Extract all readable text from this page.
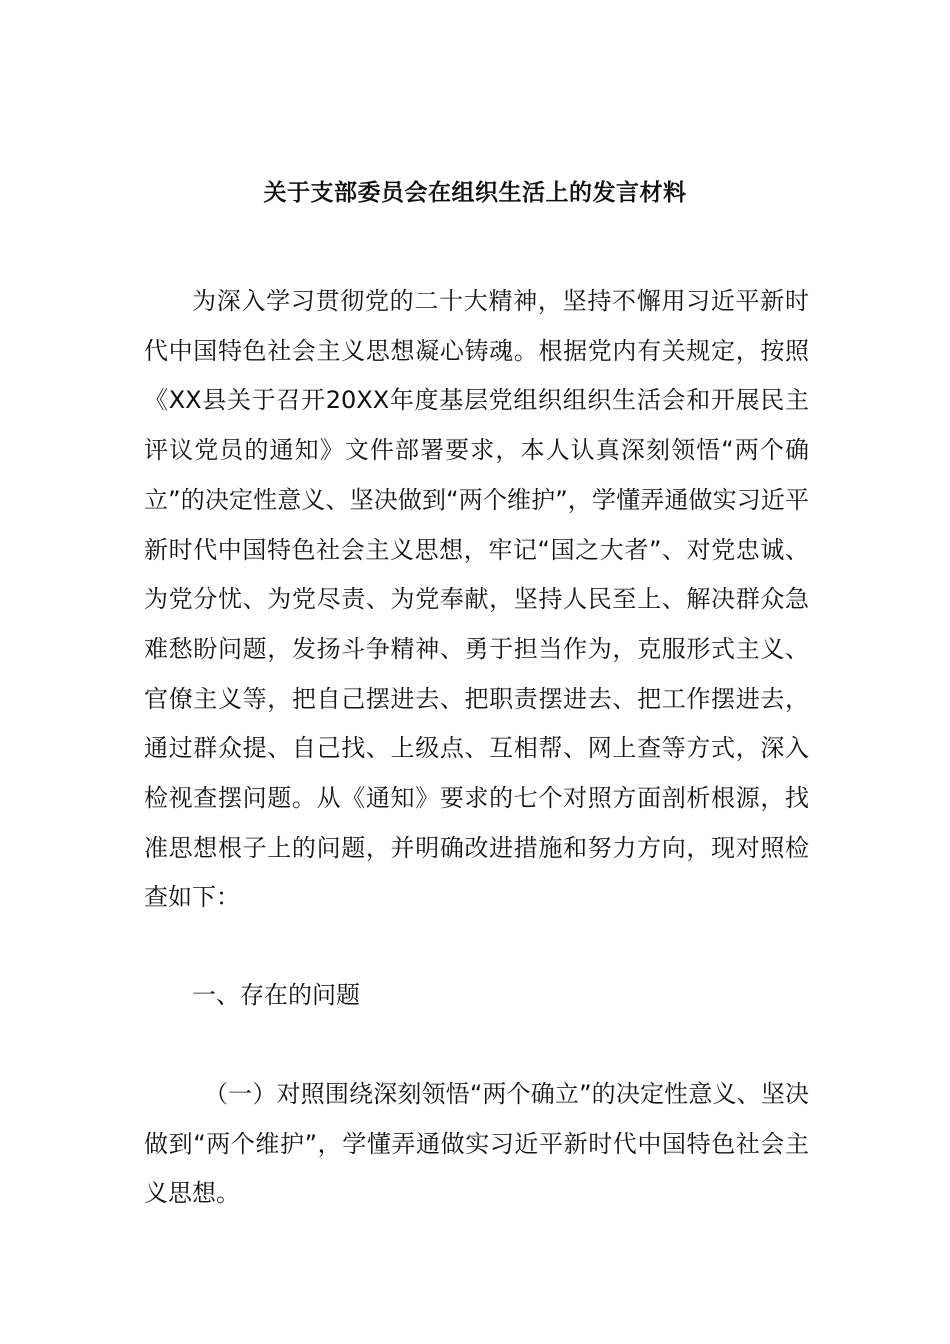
关于支部委员会在组织生活上的发言材料

为深入学习贯彻党的二十大精神，坚持不懈用习近平新时代中国特色社会主义思想凝心铸魂。根据党内有关规定，按照《XX县关于召开20XX年度基层党组织组织生活会和开展民主评议党员的通知》文件部署要求，本人认真深刻领悟“两个确立”的决定性意义、坚决做到“两个维护”，学懂弄通做实习近平新时代中国特色社会主义思想，牢记“国之大者”、对党忠诚、为党分忧、为党尽责、为党奉献，坚持人民至上、解决群众急难愁盼问题，发扬斗争精神、勇于担当作为，克服形式主义、官僚主义等，把自己摆进去、把职责摆进去、把工作摆进去，通过群众提、自己找、上级点、互相帮、网上查等方式，深入检视查摆问题。从《通知》要求的七个对照方面剖析根源，找准思想根子上的问题，并明确改进措施和努力方向，现对照检查如下：

一、存在的问题

（一）对照围绕深刻领悟“两个确立”的决定性意义、坚决做到“两个维护”，学懂弄通做实习近平新时代中国特色社会主义思想。
